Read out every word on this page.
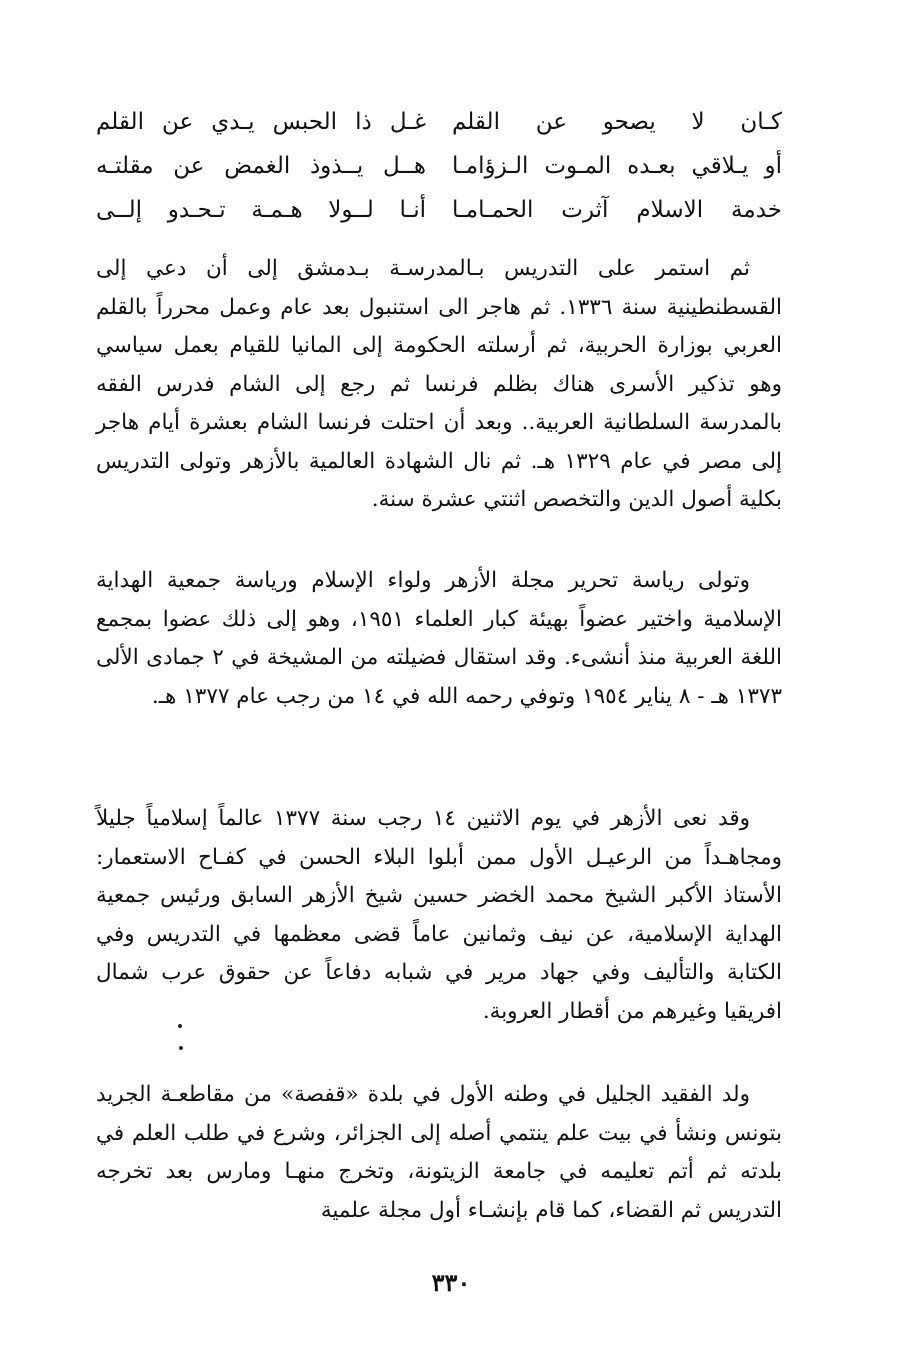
كـان لا يصحو عن القلم
غـل ذا الحبس يـدي عن القلم
أو يـلاقي بعـده المـوت الـزؤامـا
هــل يــذوذ الغمض عن مقلتـه
خدمة الاسلام آثرت الحمـامـا
أنـا لــولا هـمـة تـحـدو إلــى

ثم استمر على التدريس بـالمدرسـة بـدمشق إلى أن دعي إلى القسطنطينية سنة ١٣٣٦. ثم هاجر الى استنبول بعد عام وعمل محرراً بالقلم العربي بوزارة الحربية، ثم أرسلته الحكومة إلى المانيا للقيام بعمل سياسي وهو تذكير الأسرى هناك بظلم فرنسا ثم رجع إلى الشام فدرس الفقه بالمدرسة السلطانية العربية.. وبعد أن احتلت فرنسا الشام بعشرة أيام هاجر إلى مصر في عام ١٣٢٩ هـ. ثم نال الشهادة العالمية بالأزهر وتولى التدريس بكلية أصول الدين والتخصص اثنتي عشرة سنة.

وتولى رياسة تحرير مجلة الأزهر ولواء الإسلام ورياسة جمعية الهداية الإسلامية واختير عضواً بهيئة كبار العلماء ١٩٥١، وهو إلى ذلك عضوا بمجمع اللغة العربية منذ أنشىء. وقد استقال فضيلته من المشيخة في ٢ جمادى الألى ١٣٧٣ هـ - ٨ يناير ١٩٥٤ وتوفي رحمه الله في ١٤ من رجب عام ١٣٧٧ هـ.

وقد نعى الأزهر في يوم الاثنين ١٤ رجب سنة ١٣٧٧ عالماً إسلامياً جليلاً ومجاهـداً من الرعيـل الأول ممن أبلوا البلاء الحسن في كفـاح الاستعمار: الأستاذ الأكبر الشيخ محمد الخضر حسين شيخ الأزهر السابق ورئيس جمعية الهداية الإسلامية، عن نيف وثمانين عاماً قضى معظمها في التدريس وفي الكتابة والتأليف وفي جهاد مرير في شبابه دفاعاً عن حقوق عرب شمال افريقيا وغيرهم من أقطار العروبة.

ولد الفقيد الجليل في وطنه الأول في بلدة «قفصة» من مقاطعـة الجريد بتونس ونشأ في بيت علم ينتمي أصله إلى الجزائر، وشرع في طلب العلم في بلدته ثم أتم تعليمه في جامعة الزيتونة، وتخرج منهـا ومارس بعد تخرجه التدريس ثم القضاء، كما قام بإنشـاء أول مجلة علمية

٣٣٠
